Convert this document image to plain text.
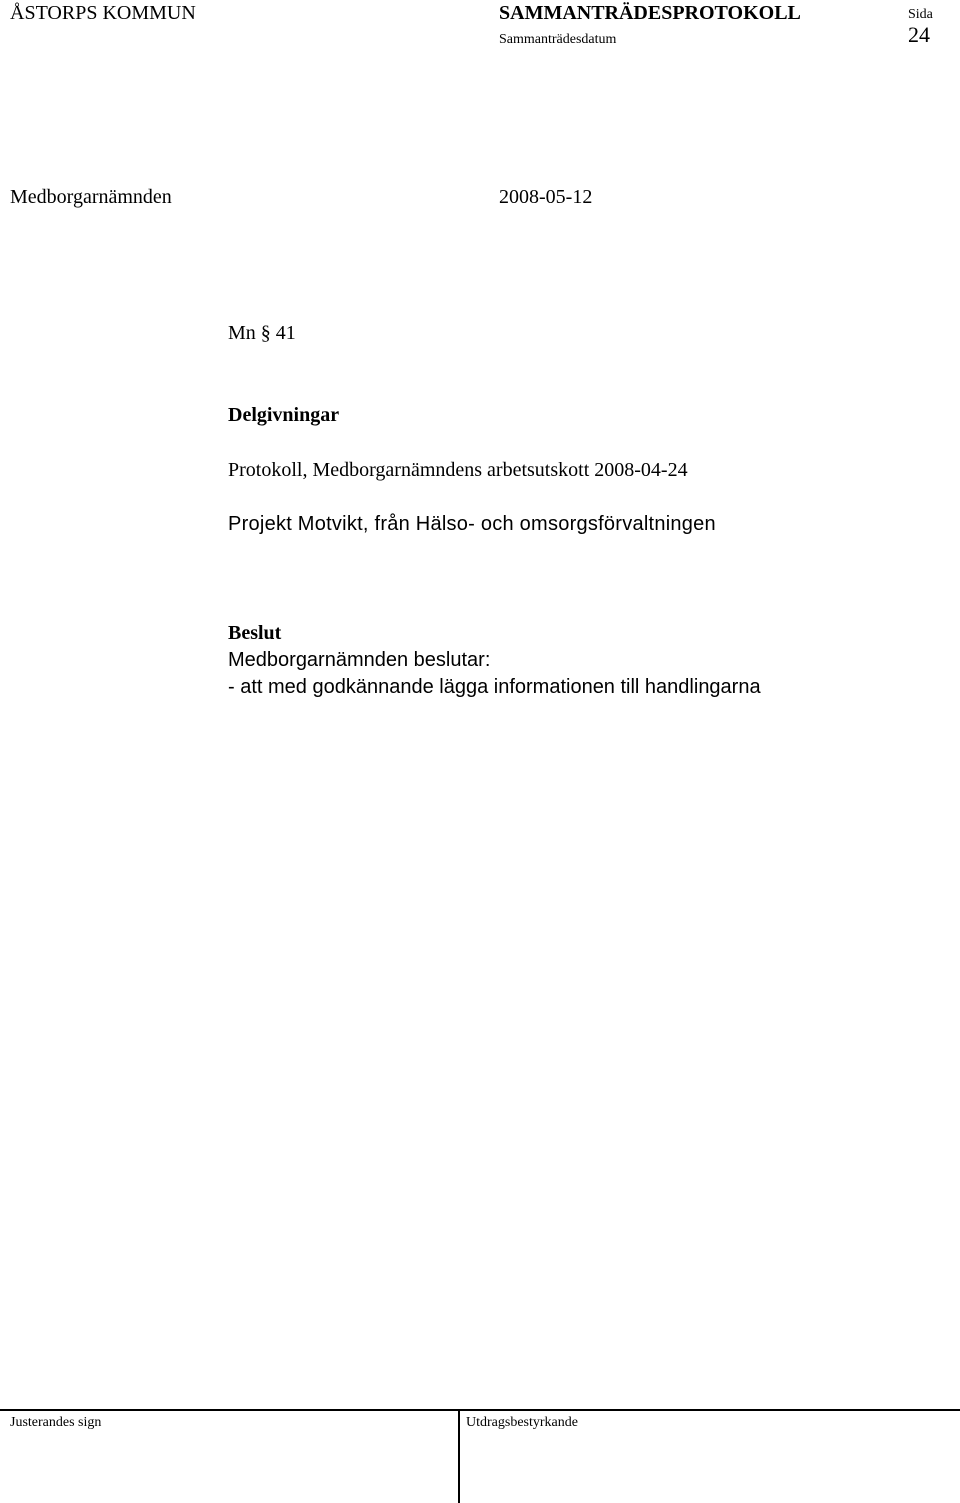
ÅSTORPS KOMMUN	SAMMANTRÄDESPROTOKOLL
Sammanträdesdatum
Sida
24
Medborgarnämnden	2008-05-12
Mn § 41
Delgivningar
Protokoll, Medborgarnämndens arbetsutskott 2008-04-24
Projekt Motvikt, från Hälso- och omsorgsförvaltningen
Beslut
Medborgarnämnden beslutar:
- att med godkännande lägga informationen till handlingarna
Justerandes sign	Utdragsbestyrkande
